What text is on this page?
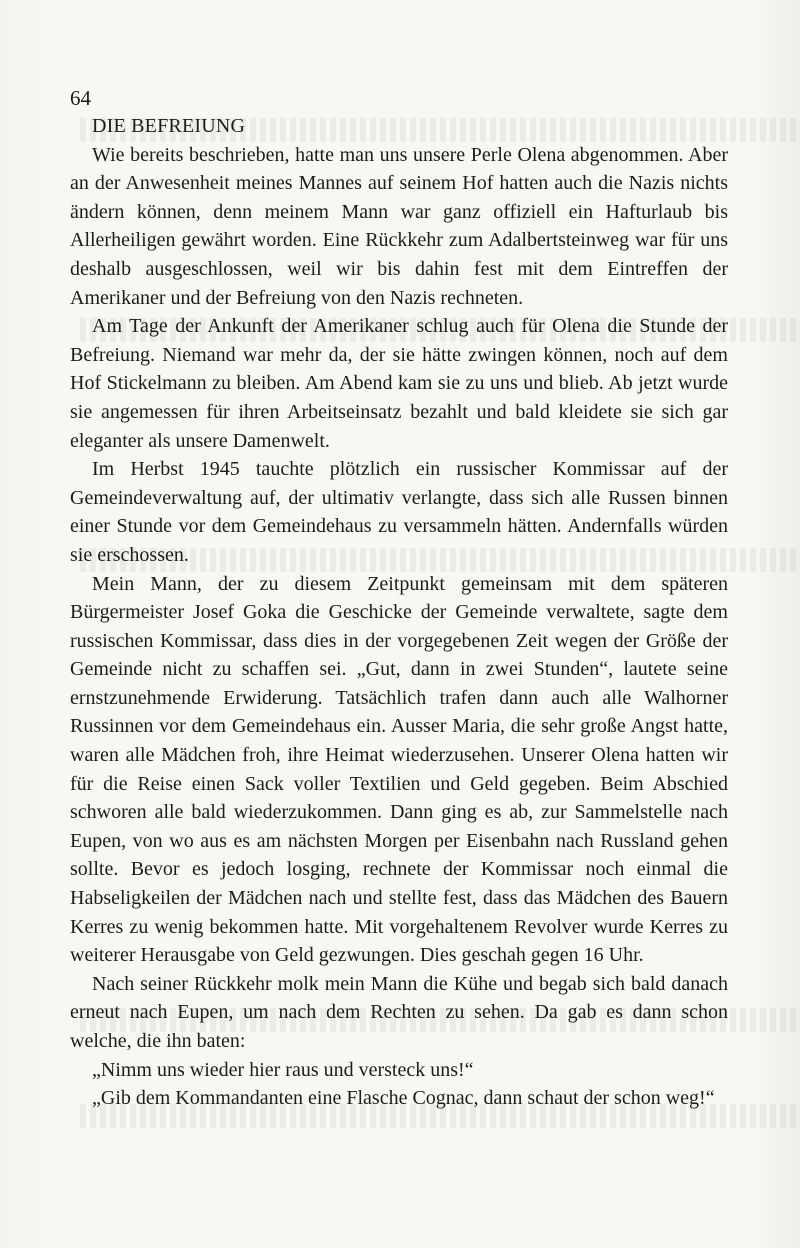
64
DIE BEFREIUNG

Wie bereits beschrieben, hatte man uns unsere Perle Olena abgenommen. Aber an der Anwesenheit meines Mannes auf seinem Hof hatten auch die Nazis nichts ändern können, denn meinem Mann war ganz offiziell ein Hafturlaub bis Allerheiligen gewährt worden. Eine Rückkehr zum Adalbertsteinweg war für uns deshalb ausgeschlossen, weil wir bis dahin fest mit dem Eintreffen der Amerikaner und der Befreiung von den Nazis rechneten.

Am Tage der Ankunft der Amerikaner schlug auch für Olena die Stunde der Befreiung. Niemand war mehr da, der sie hätte zwingen können, noch auf dem Hof Stickelmann zu bleiben. Am Abend kam sie zu uns und blieb. Ab jetzt wurde sie angemessen für ihren Arbeitseinsatz bezahlt und bald kleidete sie sich gar eleganter als unsere Damenwelt.

Im Herbst 1945 tauchte plötzlich ein russischer Kommissar auf der Gemeindeverwaltung auf, der ultimativ verlangte, dass sich alle Russen binnen einer Stunde vor dem Gemeindehaus zu versammeln hätten. Andernfalls würden sie erschossen.

Mein Mann, der zu diesem Zeitpunkt gemeinsam mit dem späteren Bürgermeister Josef Goka die Geschicke der Gemeinde verwaltete, sagte dem russischen Kommissar, dass dies in der vorgegebenen Zeit wegen der Größe der Gemeinde nicht zu schaffen sei. „Gut, dann in zwei Stunden“, lautete seine ernstzunehmende Erwiderung. Tatsächlich trafen dann auch alle Walhorner Russinnen vor dem Gemeindehaus ein. Ausser Maria, die sehr große Angst hatte, waren alle Mädchen froh, ihre Heimat wiederzusehen. Unserer Olena hatten wir für die Reise einen Sack voller Textilien und Geld gegeben. Beim Abschied schworen alle bald wiederzukommen. Dann ging es ab, zur Sammelstelle nach Eupen, von wo aus es am nächsten Morgen per Eisenbahn nach Russland gehen sollte. Bevor es jedoch losging, rechnete der Kommissar noch einmal die Habseligkeilen der Mädchen nach und stellte fest, dass das Mädchen des Bauern Kerres zu wenig bekommen hatte. Mit vorgehaltenem Revolver wurde Kerres zu weiterer Herausgabe von Geld gezwungen. Dies geschah gegen 16 Uhr.

Nach seiner Rückkehr molk mein Mann die Kühe und begab sich bald danach erneut nach Eupen, um nach dem Rechten zu sehen. Da gab es dann schon welche, die ihn baten:

„Nimm uns wieder hier raus und versteck uns!“

„Gib dem Kommandanten eine Flasche Cognac, dann schaut der schon weg!“
